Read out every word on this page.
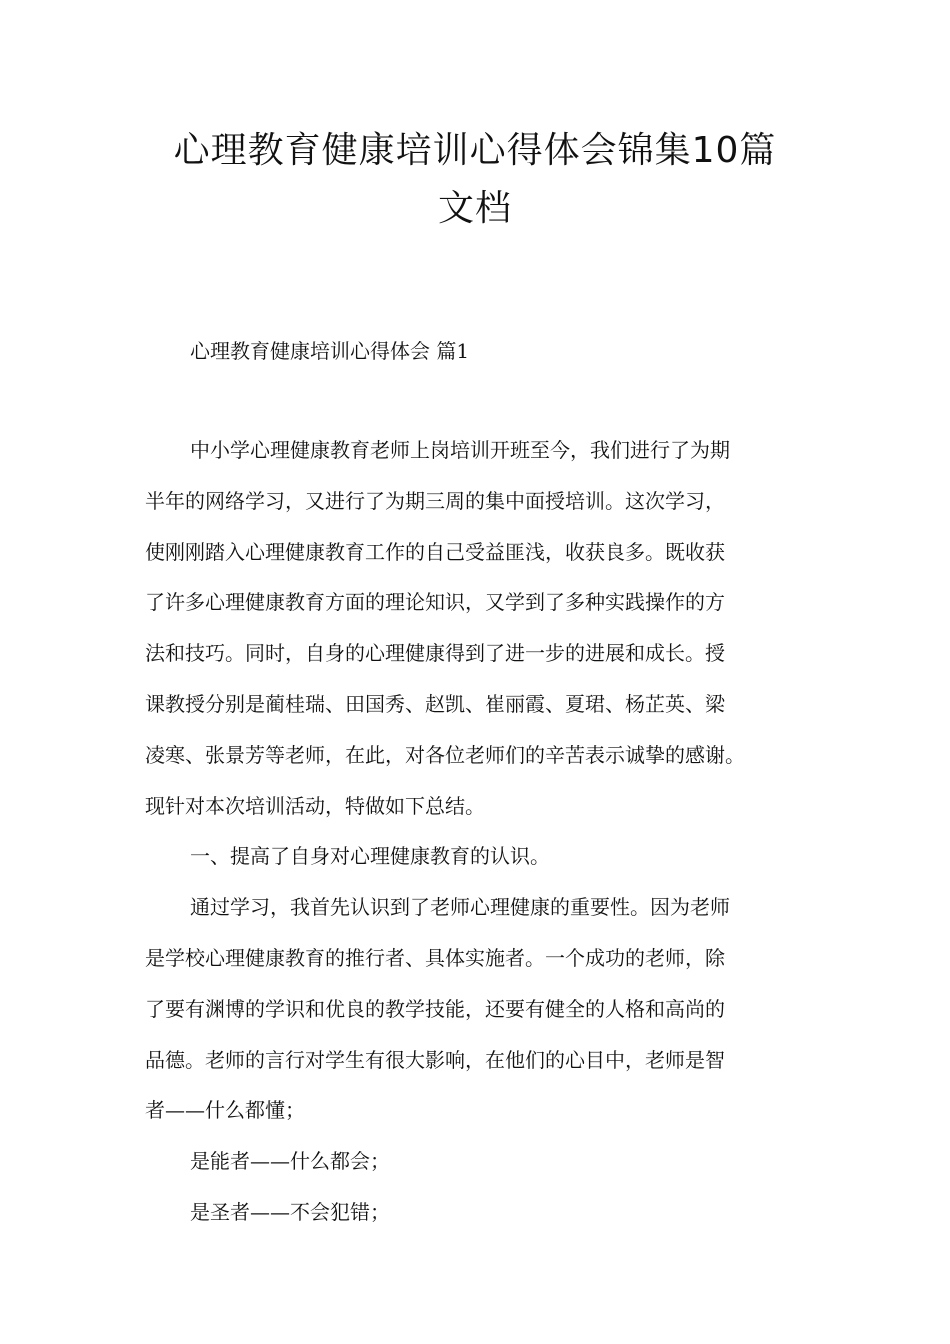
心理教育健康培训心得体会锦集10篇
文档
心理教育健康培训心得体会 篇1
中小学心理健康教育老师上岗培训开班至今，我们进行了为期
半年的网络学习，又进行了为期三周的集中面授培训。这次学习，
使刚刚踏入心理健康教育工作的自己受益匪浅，收获良多。既收获
了许多心理健康教育方面的理论知识，又学到了多种实践操作的方
法和技巧。同时，自身的心理健康得到了进一步的进展和成长。授
课教授分别是蔺桂瑞、田国秀、赵凯、崔丽霞、夏珺、杨芷英、梁
凌寒、张景芳等老师，在此，对各位老师们的辛苦表示诚挚的感谢。
现针对本次培训活动，特做如下总结。
一、提高了自身对心理健康教育的认识。
通过学习，我首先认识到了老师心理健康的重要性。因为老师
是学校心理健康教育的推行者、具体实施者。一个成功的老师，除
了要有渊博的学识和优良的教学技能，还要有健全的人格和高尚的
品德。老师的言行对学生有很大影响，在他们的心目中，老师是智
者——什么都懂；
是能者——什么都会；
是圣者——不会犯错；
